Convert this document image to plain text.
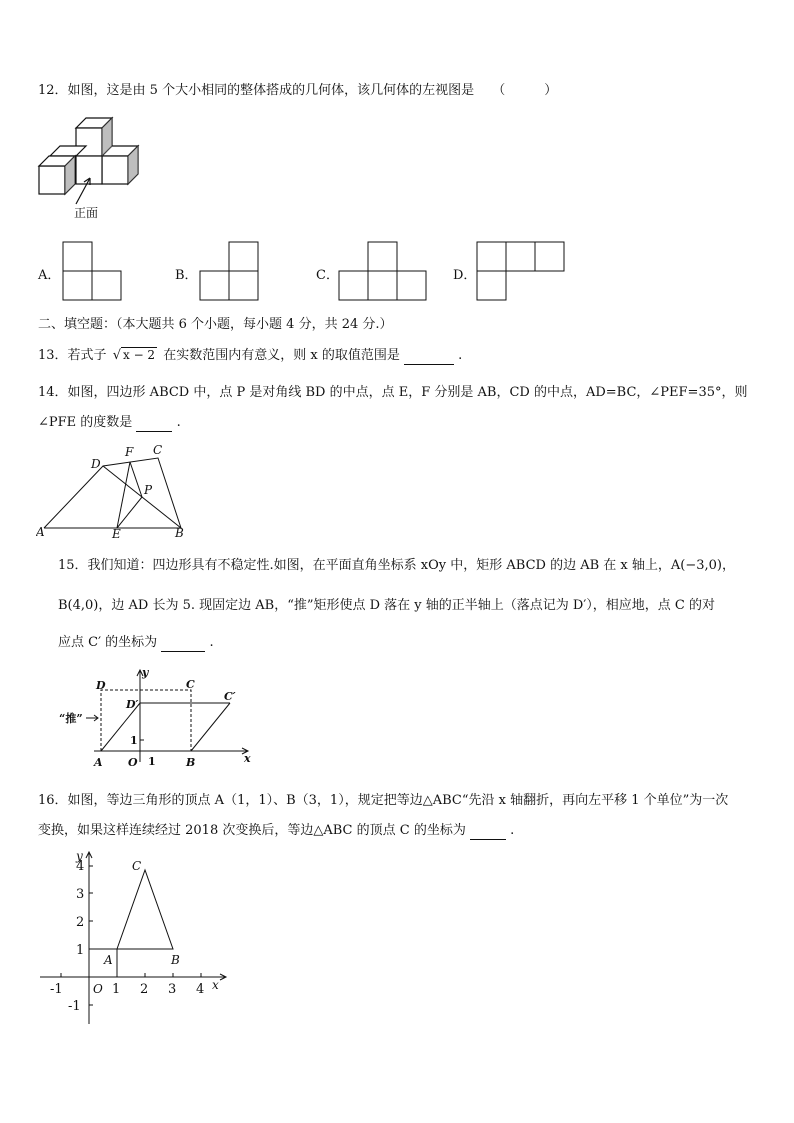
12．如图，这是由 5 个大小相同的整体搭成的几何体，该几何体的左视图是 （　　　）
正面
A．	B．	C．	D．
二、填空题：（本大题共 6 个小题，每小题 4 分，共 24 分.）
13．若式子 √ x − 2 在实数范围内有意义，则 x 的取值范围是	.
14．如图，四边形 ABCD 中，点 P 是对角线 BD 的中点，点 E，F 分别是 AB，CD 的中点，AD=BC，∠PEF=35°，则
∠PFE 的度数是	.
A	B
C
D
E
F
P
15．我们知道：四边形具有不稳定性.如图，在平面直角坐标系 xOy 中，矩形 ABCD 的边 AB 在 x 轴上，A(−3,0)，
B(4,0)，边 AD 长为 5. 现固定边 AB，“推”矩形使点 D 落在 y 轴的正半轴上（落点记为 D′），相应地，点 C 的对
应点 C′ 的坐标为	.
D	C
D′
C′
A O	B	x
y
“推”
1
1
16．如图，等边三角形的顶点 A（1，1）、B（3，1），规定把等边△ABC“先沿 x 轴翻折，再向左平移 1 个单位”为一次
变换，如果这样连续经过 2018 次变换后，等边△ABC 的顶点 C 的坐标为	.
4
3
2
1
-1
-1	1 2 3 4
y
x
O
A	B
C
